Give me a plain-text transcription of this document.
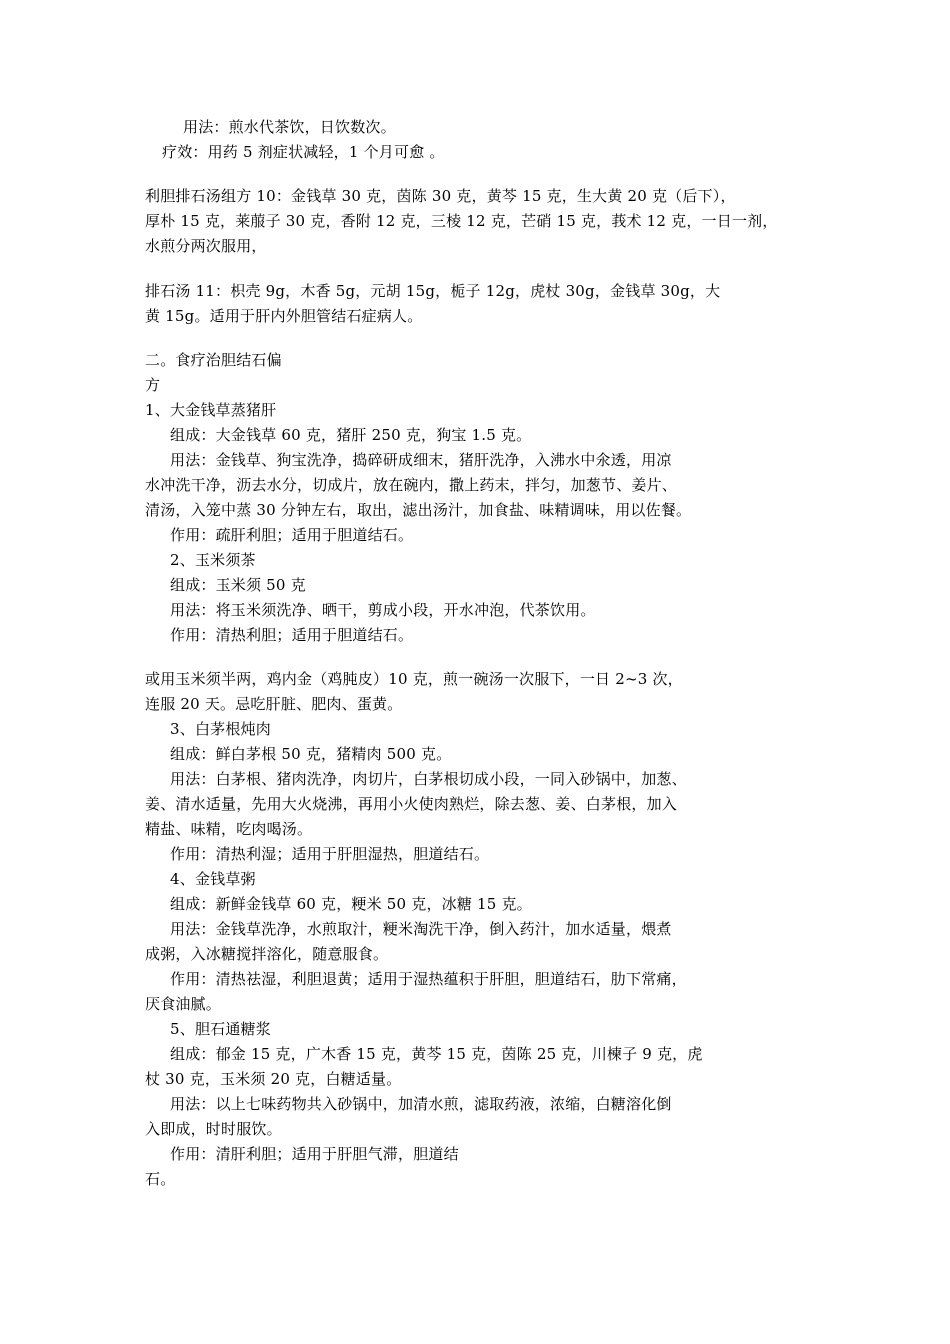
用法：煎水代茶饮，日饮数次。
疗效：用药 5 剂症状减轻，1 个月可愈 。
利胆排石汤组方 10：金钱草 30 克，茵陈 30 克，黄芩 15 克，生大黄 20 克（后下），
厚朴 15 克，莱菔子 30 克，香附 12 克，三棱 12 克，芒硝 15 克，莪术 12 克，一日一剂，
水煎分两次服用，
排石汤 11：枳壳 9g，木香 5g，元胡 15g，栀子 12g，虎杖 30g，金钱草 30g，大
黄 15g。适用于肝内外胆管结石症病人。
二。食疗治胆结石偏
方
1、大金钱草蒸猪肝
组成：大金钱草 60 克，猪肝 250 克，狗宝 1.5 克。
用法：金钱草、狗宝洗净，捣碎研成细末，猪肝洗净，入沸水中氽透，用凉
水冲洗干净，沥去水分，切成片，放在碗内，撒上药末，拌匀，加葱节、姜片、
清汤，入笼中蒸 30 分钟左右，取出，滤出汤汁，加食盐、味精调味，用以佐餐。
作用：疏肝利胆；适用于胆道结石。
2、玉米须茶
组成：玉米须 50 克
用法：将玉米须洗净、晒干，剪成小段，开水冲泡，代茶饮用。
作用：清热利胆；适用于胆道结石。
或用玉米须半两，鸡内金（鸡肫皮）10 克，煎一碗汤一次服下，一日 2~3 次，
连服 20 天。忌吃肝脏、肥肉、蛋黄。
3、白茅根炖肉
组成：鲜白茅根 50 克，猪精肉 500 克。
用法：白茅根、猪肉洗净，肉切片，白茅根切成小段，一同入砂锅中，加葱、
姜、清水适量，先用大火烧沸，再用小火使肉熟烂，除去葱、姜、白茅根，加入
精盐、味精，吃肉喝汤。
作用：清热利湿；适用于肝胆湿热，胆道结石。
4、金钱草粥
组成：新鲜金钱草 60 克，粳米 50 克，冰糖 15 克。
用法：金钱草洗净，水煎取汁，粳米淘洗干净，倒入药汁，加水适量，煨煮
成粥，入冰糖搅拌溶化，随意服食。
作用：清热祛湿，利胆退黄；适用于湿热蕴积于肝胆，胆道结石，肋下常痛，
厌食油腻。
5、胆石通糖浆
组成：郁金 15 克，广木香 15 克，黄芩 15 克，茵陈 25 克，川楝子 9 克，虎
杖 30 克，玉米须 20 克，白糖适量。
用法：以上七味药物共入砂锅中，加清水煎，滤取药液，浓缩，白糖溶化倒
入即成，时时服饮。
作用：清肝利胆；适用于肝胆气滞，胆道结
石。
